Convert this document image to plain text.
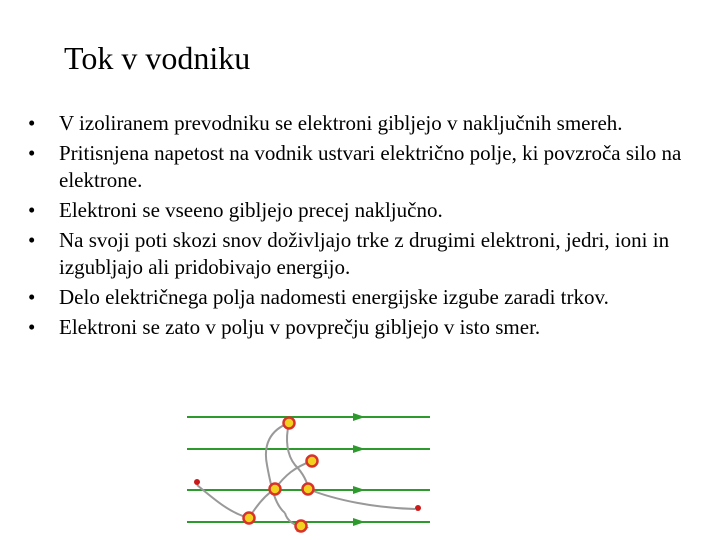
Tok v vodniku
•	V izoliranem prevodniku se elektroni gibljejo v naključnih smereh.
•	Pritisnjena napetost na vodnik ustvari električno polje, ki povzroča silo na elektrone.
•	Elektroni se vseeno gibljejo precej naključno.
•	Na svoji poti skozi snov doživljajo trke z drugimi elektroni, jedri, ioni in izgubljajo ali pridobivajo energijo.
•	Delo električnega polja nadomesti energijske izgube zaradi trkov.
•	Elektroni se zato v polju v povprečju gibljejo v isto smer.
